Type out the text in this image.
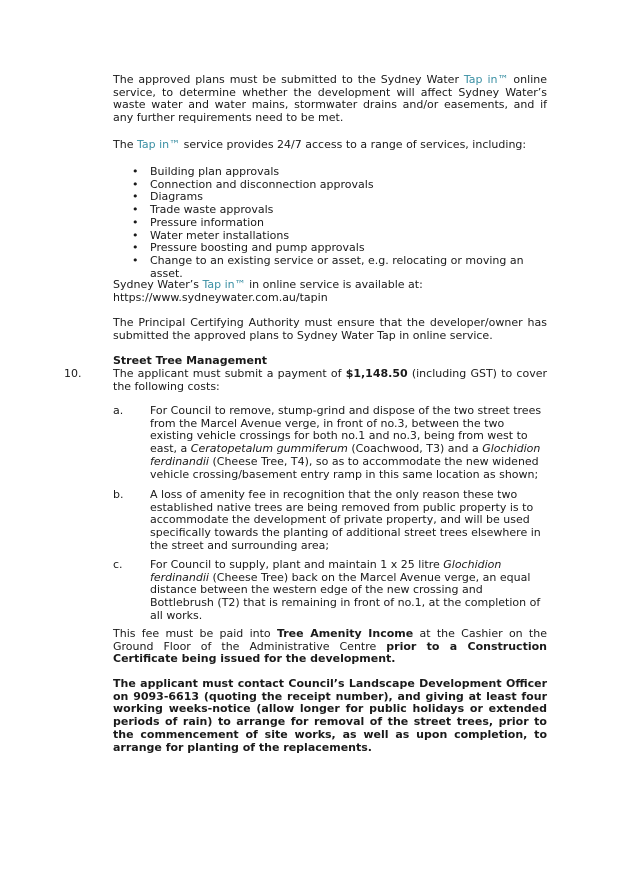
The approved plans must be submitted to the Sydney Water Tap in™ online service, to determine whether the development will affect Sydney Water’s waste water and water mains, stormwater drains and/or easements, and if any further requirements need to be met.

The Tap in™ service provides 24/7 access to a range of services, including:

• Building plan approvals
• Connection and disconnection approvals
• Diagrams
• Trade waste approvals
• Pressure information
• Water meter installations
• Pressure boosting and pump approvals
• Change to an existing service or asset, e.g. relocating or moving an asset.

Sydney Water’s Tap in™ in online service is available at:
https://www.sydneywater.com.au/tapin

The Principal Certifying Authority must ensure that the developer/owner has submitted the approved plans to Sydney Water Tap in online service.

Street Tree Management

10.	The applicant must submit a payment of $1,148.50 (including GST) to cover the following costs:

a. For Council to remove, stump-grind and dispose of the two street trees from the Marcel Avenue verge, in front of no.3, between the two existing vehicle crossings for both no.1 and no.3, being from west to east, a Ceratopetalum gummiferum (Coachwood, T3) and a Glochidion ferdinandii (Cheese Tree, T4), so as to accommodate the new widened vehicle crossing/basement entry ramp in this same location as shown;

b. A loss of amenity fee in recognition that the only reason these two established native trees are being removed from public property is to accommodate the development of private property, and will be used specifically towards the planting of additional street trees elsewhere in the street and surrounding area;

c. For Council to supply, plant and maintain 1 x 25 litre Glochidion ferdinandii (Cheese Tree) back on the Marcel Avenue verge, an equal distance between the western edge of the new crossing and Bottlebrush (T2) that is remaining in front of no.1, at the completion of all works.

This fee must be paid into Tree Amenity Income at the Cashier on the Ground Floor of the Administrative Centre prior to a Construction Certificate being issued for the development.

The applicant must contact Council’s Landscape Development Officer on 9093-6613 (quoting the receipt number), and giving at least four working weeks-notice (allow longer for public holidays or extended periods of rain) to arrange for removal of the street trees, prior to the commencement of site works, as well as upon completion, to arrange for planting of the replacements.
